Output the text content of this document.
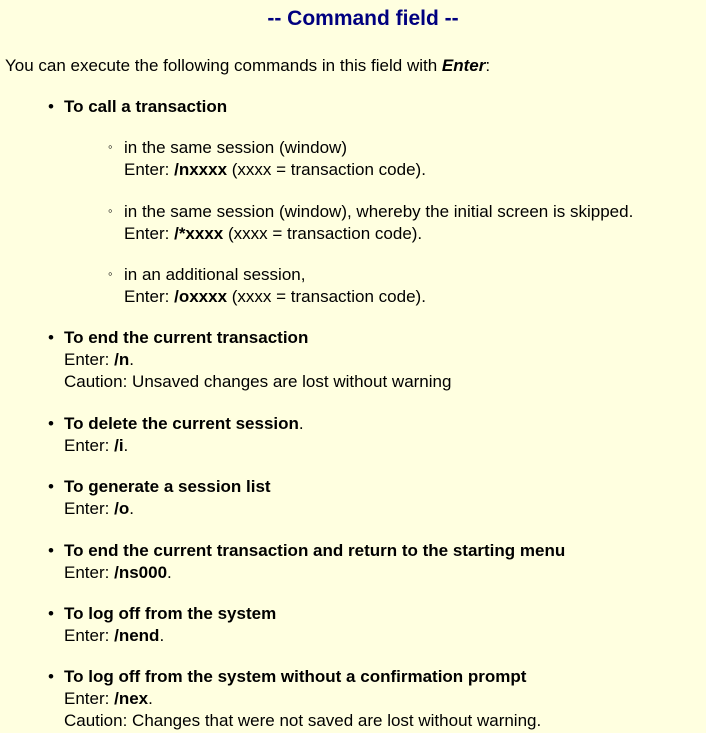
-- Command field --
You can execute the following commands in this field with Enter:
• To call a transaction
◦ in the same session (window)
Enter: /nxxxx (xxxx = transaction code).
◦ in the same session (window), whereby the initial screen is skipped.
Enter: /*xxxx (xxxx = transaction code).
◦ in an additional session,
Enter: /oxxxx (xxxx = transaction code).
• To end the current transaction
Enter: /n.
Caution: Unsaved changes are lost without warning
• To delete the current session.
Enter: /i.
• To generate a session list
Enter: /o.
• To end the current transaction and return to the starting menu
Enter: /ns000.
• To log off from the system
Enter: /nend.
• To log off from the system without a confirmation prompt
Enter: /nex.
Caution: Changes that were not saved are lost without warning.
